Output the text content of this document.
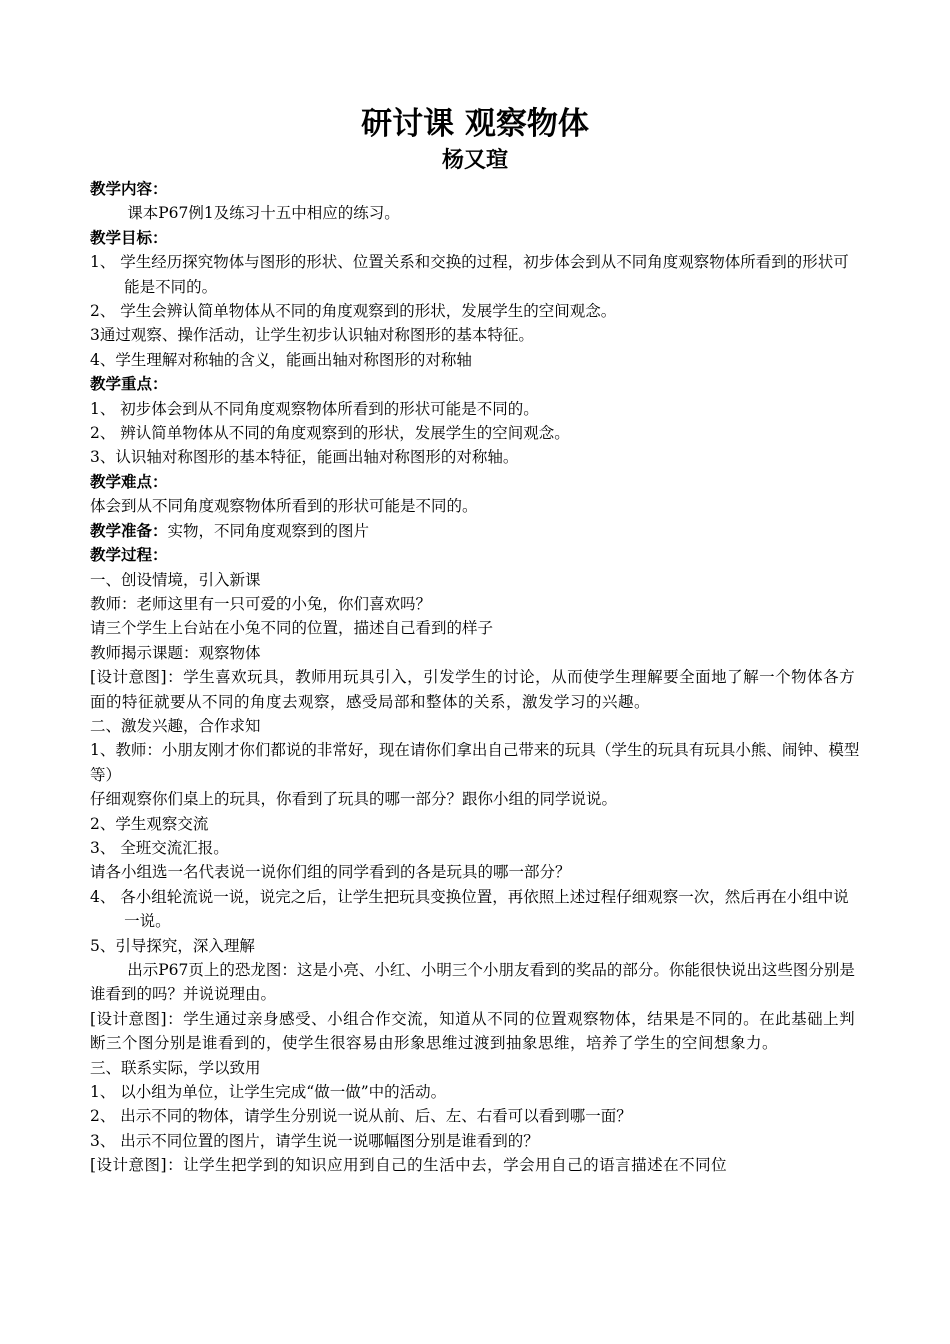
研讨课 观察物体
杨又瑄

教学内容：

课本P67例1及练习十五中相应的练习。

教学目标：

1、 学生经历探究物体与图形的形状、位置关系和交换的过程，初步体会到从不同角度观察物体所看到的形状可能是不同的。

2、 学生会辨认简单物体从不同的角度观察到的形状，发展学生的空间观念。

3通过观察、操作活动，让学生初步认识轴对称图形的基本特征。

4、学生理解对称轴的含义，能画出轴对称图形的对称轴

教学重点：

1、 初步体会到从不同角度观察物体所看到的形状可能是不同的。

2、 辨认简单物体从不同的角度观察到的形状，发展学生的空间观念。

3、认识轴对称图形的基本特征，能画出轴对称图形的对称轴。

教学难点：

体会到从不同角度观察物体所看到的形状可能是不同的。

教学准备：实物，不同角度观察到的图片

教学过程：

一、创设情境，引入新课

教师：老师这里有一只可爱的小兔，你们喜欢吗？

请三个学生上台站在小兔不同的位置，描述自己看到的样子

教师揭示课题：观察物体

[设计意图]：学生喜欢玩具，教师用玩具引入，引发学生的讨论，从而使学生理解要全面地了解一个物体各方面的特征就要从不同的角度去观察，感受局部和整体的关系，激发学习的兴趣。

二、激发兴趣，合作求知

1、教师：小朋友刚才你们都说的非常好，现在请你们拿出自己带来的玩具（学生的玩具有玩具小熊、闹钟、模型等）

仔细观察你们桌上的玩具，你看到了玩具的哪一部分？跟你小组的同学说说。

2、学生观察交流

3、 全班交流汇报。

请各小组选一名代表说一说你们组的同学看到的各是玩具的哪一部分？

4、 各小组轮流说一说，说完之后，让学生把玩具变换位置，再依照上述过程仔细观察一次，然后再在小组中说一说。

5、引导探究，深入理解

出示P67页上的恐龙图：这是小亮、小红、小明三个小朋友看到的奖品的部分。你能很快说出这些图分别是谁看到的吗？并说说理由。

[设计意图]：学生通过亲身感受、小组合作交流，知道从不同的位置观察物体，结果是不同的。在此基础上判断三个图分别是谁看到的，使学生很容易由形象思维过渡到抽象思维，培养了学生的空间想象力。

三、联系实际，学以致用

1、 以小组为单位，让学生完成“做一做”中的活动。

2、 出示不同的物体，请学生分别说一说从前、后、左、右看可以看到哪一面？

3、 出示不同位置的图片，请学生说一说哪幅图分别是谁看到的？

[设计意图]：让学生把学到的知识应用到自己的生活中去，学会用自己的语言描述在不同位
